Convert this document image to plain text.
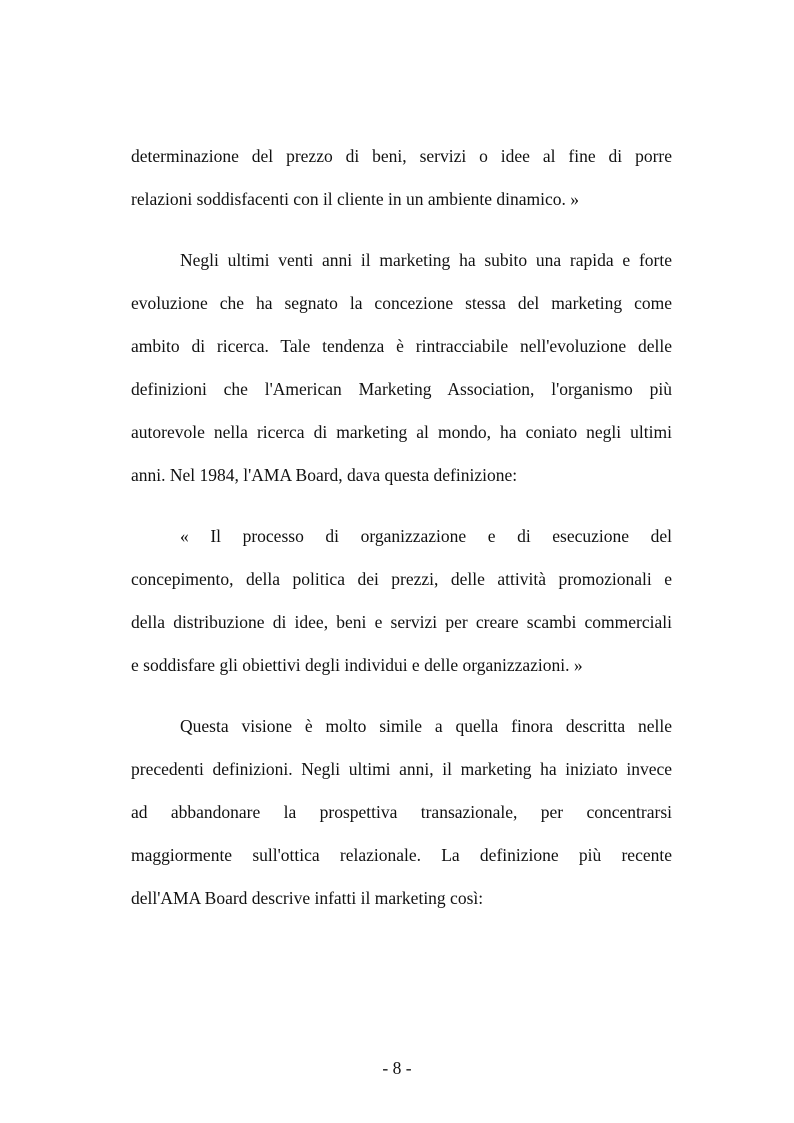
determinazione del prezzo di beni, servizi o idee al fine di porre
relazioni soddisfacenti con il cliente in un ambiente dinamico. »
Negli ultimi venti anni il marketing ha subito una rapida e forte
evoluzione che ha segnato la concezione stessa del marketing come
ambito di ricerca. Tale tendenza è rintracciabile nell'evoluzione delle
definizioni che l'American Marketing Association, l'organismo più
autorevole nella ricerca di marketing al mondo, ha coniato negli ultimi
anni. Nel 1984, l'AMA Board, dava questa definizione:
« Il processo di organizzazione e di esecuzione del
concepimento, della politica dei prezzi, delle attività promozionali e
della distribuzione di idee, beni e servizi per creare scambi commerciali
e soddisfare gli obiettivi degli individui e delle organizzazioni. »
Questa visione è molto simile a quella finora descritta nelle
precedenti definizioni. Negli ultimi anni, il marketing ha iniziato invece
ad abbandonare la prospettiva transazionale, per concentrarsi
maggiormente sull'ottica relazionale. La definizione più recente
dell'AMA Board descrive infatti il marketing così:
- 8 -
